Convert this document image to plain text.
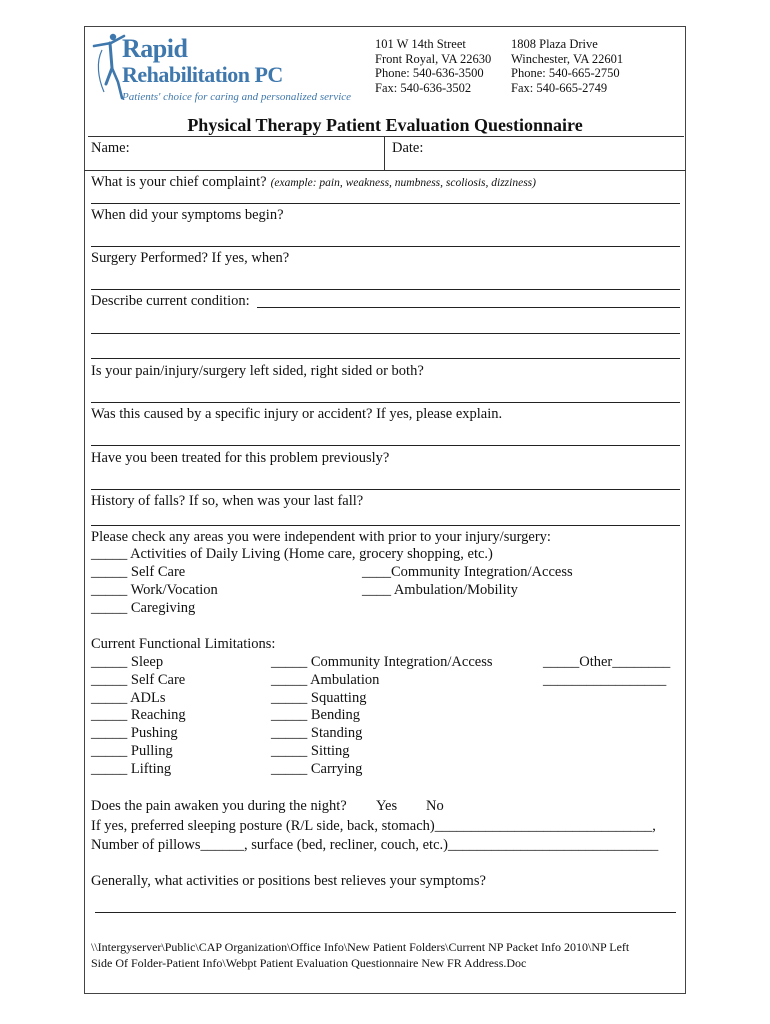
Rapid
Rehabilitation PC
Patients' choice for caring and personalized service
101 W 14th Street
Front Royal, VA 22630
Phone: 540-636-3500
Fax: 540-636-3502
1808 Plaza Drive
Winchester, VA 22601
Phone: 540-665-2750
Fax: 540-665-2749
Physical Therapy Patient Evaluation Questionnaire
Name:	Date:
What is your chief complaint? (example: pain, weakness, numbness, scoliosis, dizziness)
When did your symptoms begin?
Surgery Performed? If yes, when?
Describe current condition:
Is your pain/injury/surgery left sided, right sided or both?
Was this caused by a specific injury or accident? If yes, please explain.
Have you been treated for this problem previously?
History of falls? If so, when was your last fall?
Please check any areas you were independent with prior to your injury/surgery:
_____ Activities of Daily Living (Home care, grocery shopping, etc.)
_____ Self Care
_____ Work/Vocation
_____ Caregiving
____Community Integration/Access
____ Ambulation/Mobility
Current Functional Limitations:
_____ Sleep
_____ Self Care
_____ ADLs
_____ Reaching
_____ Pushing
_____ Pulling
_____ Lifting
_____ Community Integration/Access
_____ Ambulation
_____ Squatting
_____ Bending
_____ Standing
_____ Sitting
_____ Carrying
_____Other________
_________________
Does the pain awaken you during the night? Yes No
If yes, preferred sleeping posture (R/L side, back, stomach)______________________________,
Number of pillows______, surface (bed, recliner, couch, etc.)_____________________________
Generally, what activities or positions best relieves your symptoms?
\\Intergyserver\Public\CAP Organization\Office Info\New Patient Folders\Current NP Packet Info 2010\NP Left
Side Of Folder-Patient Info\Webpt Patient Evaluation Questionnaire New FR Address.Doc
